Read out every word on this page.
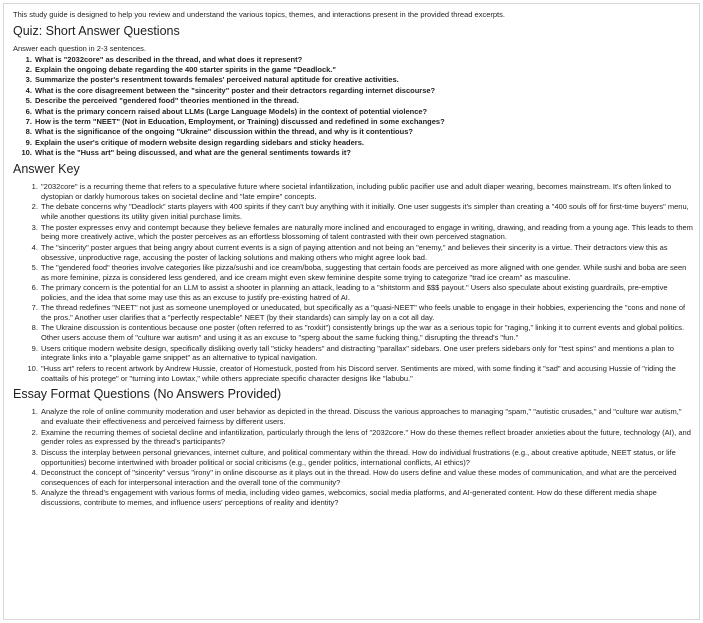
This study guide is designed to help you review and understand the various topics, themes, and interactions present in the provided thread excerpts.

Quiz: Short Answer Questions

Answer each question in 2-3 sentences.

1. What is "2032core" as described in the thread, and what does it represent?
2. Explain the ongoing debate regarding the 400 starter spirits in the game "Deadlock."
3. Summarize the poster's resentment towards females' perceived natural aptitude for creative activities.
4. What is the core disagreement between the "sincerity" poster and their detractors regarding internet discourse?
5. Describe the perceived "gendered food" theories mentioned in the thread.
6. What is the primary concern raised about LLMs (Large Language Models) in the context of potential violence?
7. How is the term "NEET" (Not in Education, Employment, or Training) discussed and redefined in some exchanges?
8. What is the significance of the ongoing "Ukraine" discussion within the thread, and why is it contentious?
9. Explain the user's critique of modern website design regarding sidebars and sticky headers.
10. What is the "Huss art" being discussed, and what are the general sentiments towards it?
Answer Key
1. "2032core" is a recurring theme that refers to a speculative future where societal infantilization, including public pacifier use and adult diaper wearing, becomes mainstream. It's often linked to dystopian or darkly humorous takes on societal decline and "late empire" concepts.
2. The debate concerns why "Deadlock" starts players with 400 spirits if they can't buy anything with it initially. One user suggests it's simpler than creating a "400 souls off for first-time buyers" menu, while another questions its utility given initial purchase limits.
3. The poster expresses envy and contempt because they believe females are naturally more inclined and encouraged to engage in writing, drawing, and reading from a young age. This leads to them being more creatively active, which the poster perceives as an effortless blossoming of talent contrasted with their own perceived stagnation.
4. The "sincerity" poster argues that being angry about current events is a sign of paying attention and not being an "enemy," and believes their sincerity is a virtue. Their detractors view this as obsessive, unproductive rage, accusing the poster of lacking solutions and making others who might agree look bad.
5. The "gendered food" theories involve categories like pizza/sushi and ice cream/boba, suggesting that certain foods are perceived as more aligned with one gender. While sushi and boba are seen as more feminine, pizza is considered less gendered, and ice cream might even skew feminine despite some trying to categorize "trad ice cream" as masculine.
6. The primary concern is the potential for an LLM to assist a shooter in planning an attack, leading to a "shitstorm and $$$ payout." Users also speculate about existing guardrails, pre-emptive policies, and the idea that some may use this as an excuse to justify pre-existing hatred of AI.
7. The thread redefines "NEET" not just as someone unemployed or uneducated, but specifically as a "quasi-NEET" who feels unable to engage in their hobbies, experiencing the "cons and none of the pros." Another user clarifies that a "perfectly respectable" NEET (by their standards) can simply lay on a cot all day.
8. The Ukraine discussion is contentious because one poster (often referred to as "roxkit") consistently brings up the war as a serious topic for "raging," linking it to current events and global politics. Other users accuse them of "culture war autism" and using it as an excuse to "sperg about the same fucking thing," disrupting the thread's "fun."
9. Users critique modern website design, specifically disliking overly tall "sticky headers" and distracting "parallax" sidebars. One user prefers sidebars only for "test spins" and mentions a plan to integrate links into a "playable game snippet" as an alternative to typical navigation.
10. "Huss art" refers to recent artwork by Andrew Hussie, creator of Homestuck, posted from his Discord server. Sentiments are mixed, with some finding it "sad" and accusing Hussie of "riding the coattails of his protege" or "turning into Lowtax," while others appreciate specific character designs like "labubu."
Essay Format Questions (No Answers Provided)
1. Analyze the role of online community moderation and user behavior as depicted in the thread. Discuss the various approaches to managing "spam," "autistic crusades," and "culture war autism," and evaluate their effectiveness and perceived fairness by different users.
2. Examine the recurring themes of societal decline and infantilization, particularly through the lens of "2032core." How do these themes reflect broader anxieties about the future, technology (AI), and gender roles as expressed by the thread's participants?
3. Discuss the interplay between personal grievances, internet culture, and political commentary within the thread. How do individual frustrations (e.g., about creative aptitude, NEET status, or life opportunities) become intertwined with broader political or social criticisms (e.g., gender politics, international conflicts, AI ethics)?
4. Deconstruct the concept of "sincerity" versus "irony" in online discourse as it plays out in the thread. How do users define and value these modes of communication, and what are the perceived consequences of each for interpersonal interaction and the overall tone of the community?
5. Analyze the thread's engagement with various forms of media, including video games, webcomics, social media platforms, and AI-generated content. How do these different media shape discussions, contribute to memes, and influence users' perceptions of reality and identity?
